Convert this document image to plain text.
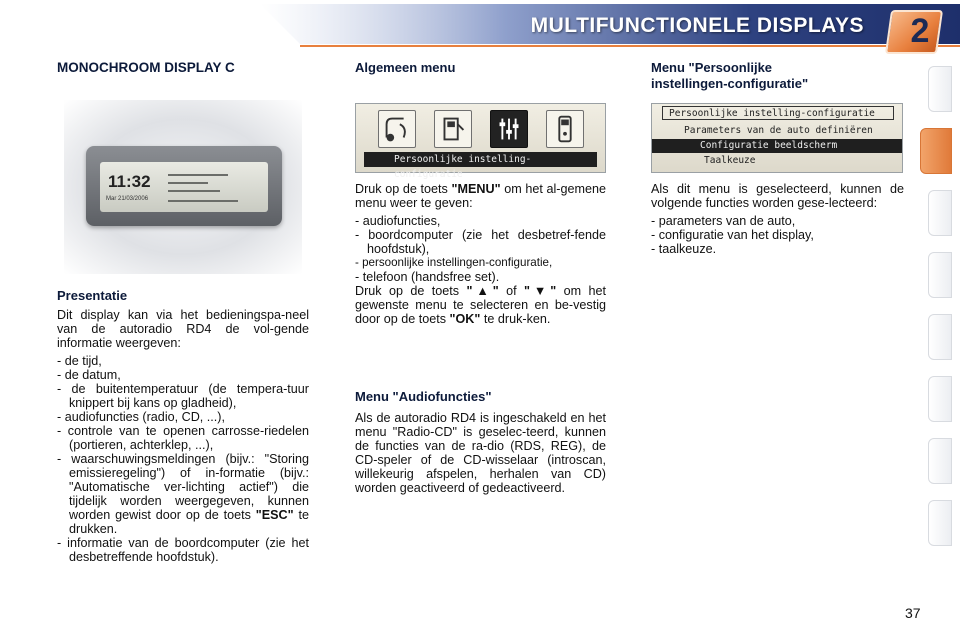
MULTIFUNCTIONELE DISPLAYS	2
MONOCHROOM DISPLAY C
11:32
Mar 21/03/2006
Presentatie
Dit display kan via het bedieningspa-neel van de autoradio RD4 de vol-gende informatie weergeven:
- de tijd,
- de datum,
- de buitentemperatuur (de tempera-tuur knippert bij kans op gladheid),
- audiofuncties (radio, CD, ...),
- controle van te openen carrosse-riedelen (portieren, achterklep, ...),
- waarschuwingsmeldingen (bijv.: "Storing emissieregeling") of in-formatie (bijv.: "Automatische ver-lichting actief") die tijdelijk worden weergegeven, kunnen worden gewist door op de toets "ESC" te drukken.
- informatie van de boordcomputer (zie het desbetreffende hoofdstuk).
Algemeen menu
Persoonlijke instelling-configuratie
Druk op de toets "MENU" om het al-gemene menu weer te geven:
- audiofuncties,
- boordcomputer (zie het desbetref-fende hoofdstuk),
- persoonlijke instellingen-configuratie,
- telefoon (handsfree set).
Druk op de toets "▲" of "▼" om het gewenste menu te selecteren en be-vestig door op de toets "OK" te druk-ken.
Menu "Audiofuncties"
Als de autoradio RD4 is ingeschakeld en het menu "Radio-CD" is geselec-teerd, kunnen de functies van de ra-dio (RDS, REG), de CD-speler of de CD-wisselaar (introscan, willekeurig afspelen, herhalen van CD) worden geactiveerd of gedeactiveerd.
Menu "Persoonlijke
instellingen-configuratie"
Persoonlijke instelling-configuratie
Parameters van de auto definiëren
Configuratie beeldscherm
Taalkeuze
Als dit menu is geselecteerd, kunnen de volgende functies worden gese-lecteerd:
- parameters van de auto,
- configuratie van het display,
- taalkeuze.
37
